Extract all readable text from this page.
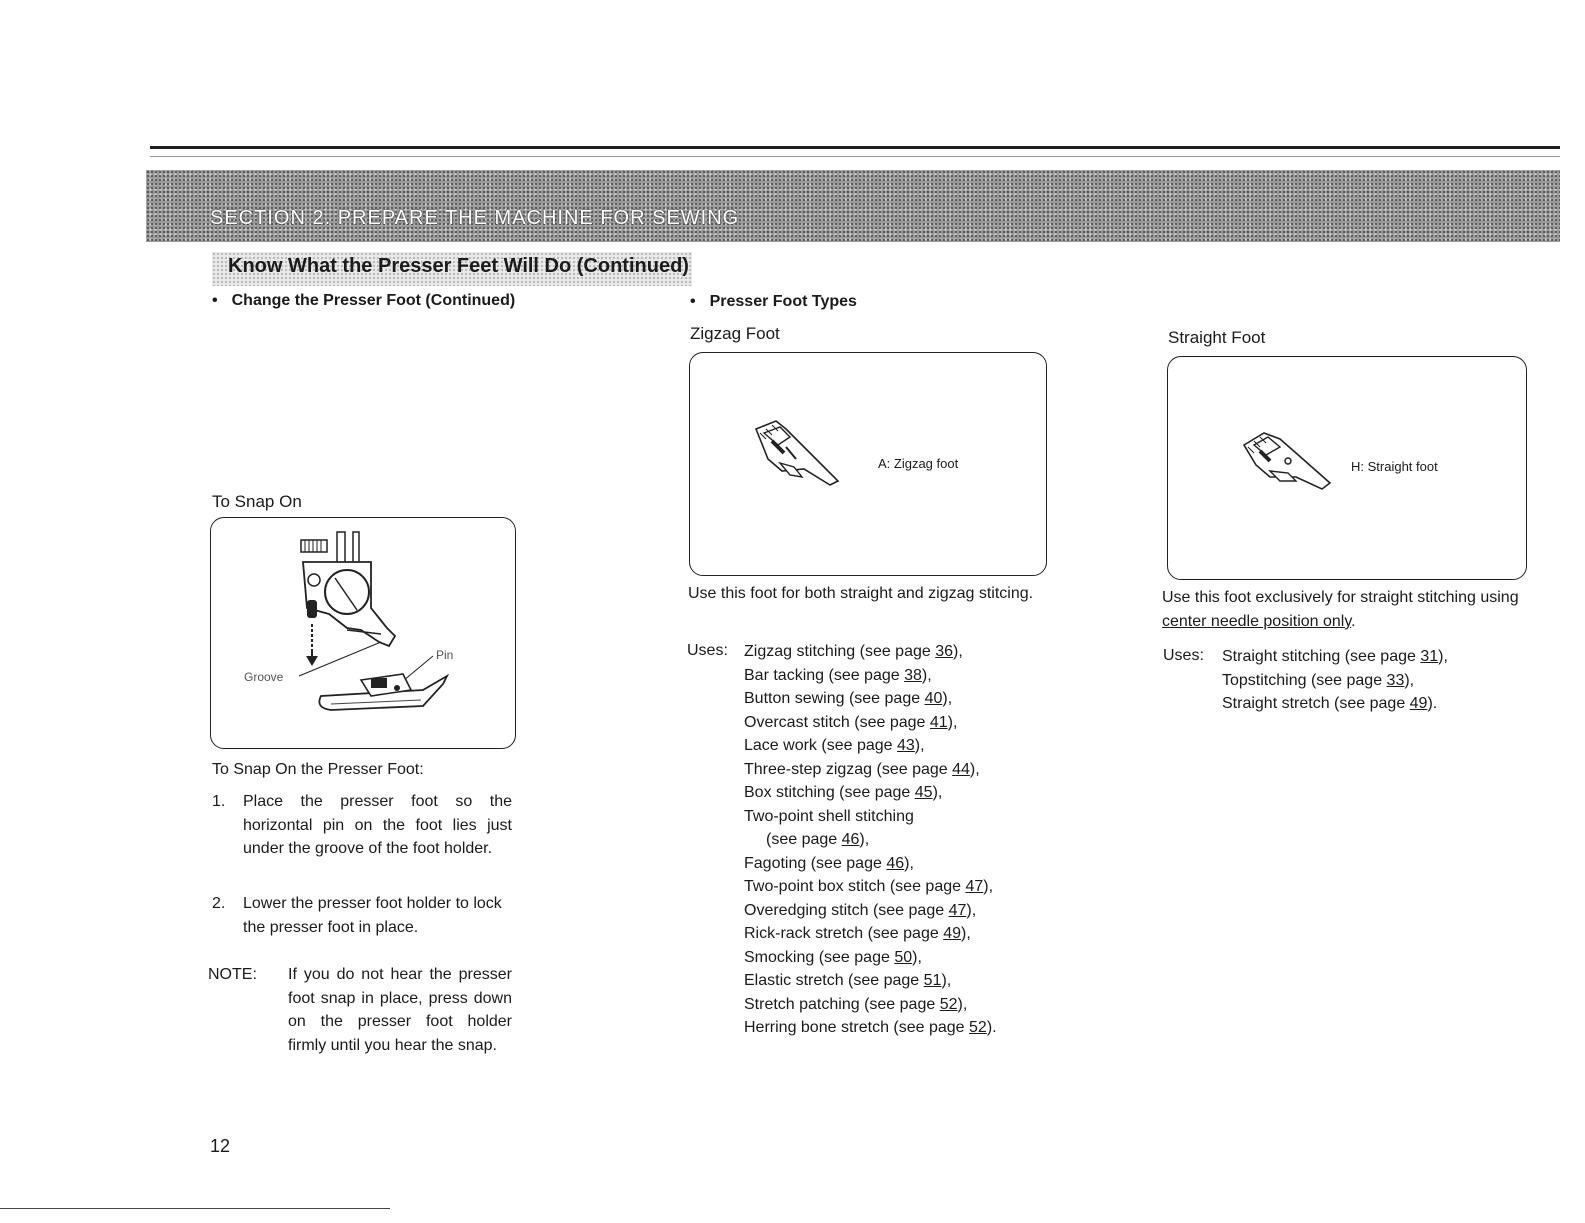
SECTION 2. PREPARE THE MACHINE FOR SEWING
Know What the Presser Feet Will Do (Continued)
• Change the Presser Foot (Continued)
To Snap On
Groove
Pin
To Snap On the Presser Foot:
1. Place the presser foot so the horizontal pin on the foot lies just under the groove of the foot holder.
2. Lower the presser foot holder to lock the presser foot in place.
NOTE: If you do not hear the presser foot snap in place, press down on the presser foot holder firmly until you hear the snap.
12
• Presser Foot Types
Zigzag Foot
A: Zigzag foot
Use this foot for both straight and zigzag stitcing.
Uses: Zigzag stitching (see page 36),
Bar tacking (see page 38),
Button sewing (see page 40),
Overcast stitch (see page 41),
Lace work (see page 43),
Three-step zigzag (see page 44),
Box stitching (see page 45),
Two-point shell stitching
(see page 46),
Fagoting (see page 46),
Two-point box stitch (see page 47),
Overedging stitch (see page 47),
Rick-rack stretch (see page 49),
Smocking (see page 50),
Elastic stretch (see page 51),
Stretch patching (see page 52),
Herring bone stretch (see page 52).
Straight Foot
H: Straight foot
Use this foot exclusively for straight stitching using center needle position only.
Uses: Straight stitching (see page 31),
Topstitching (see page 33),
Straight stretch (see page 49).
